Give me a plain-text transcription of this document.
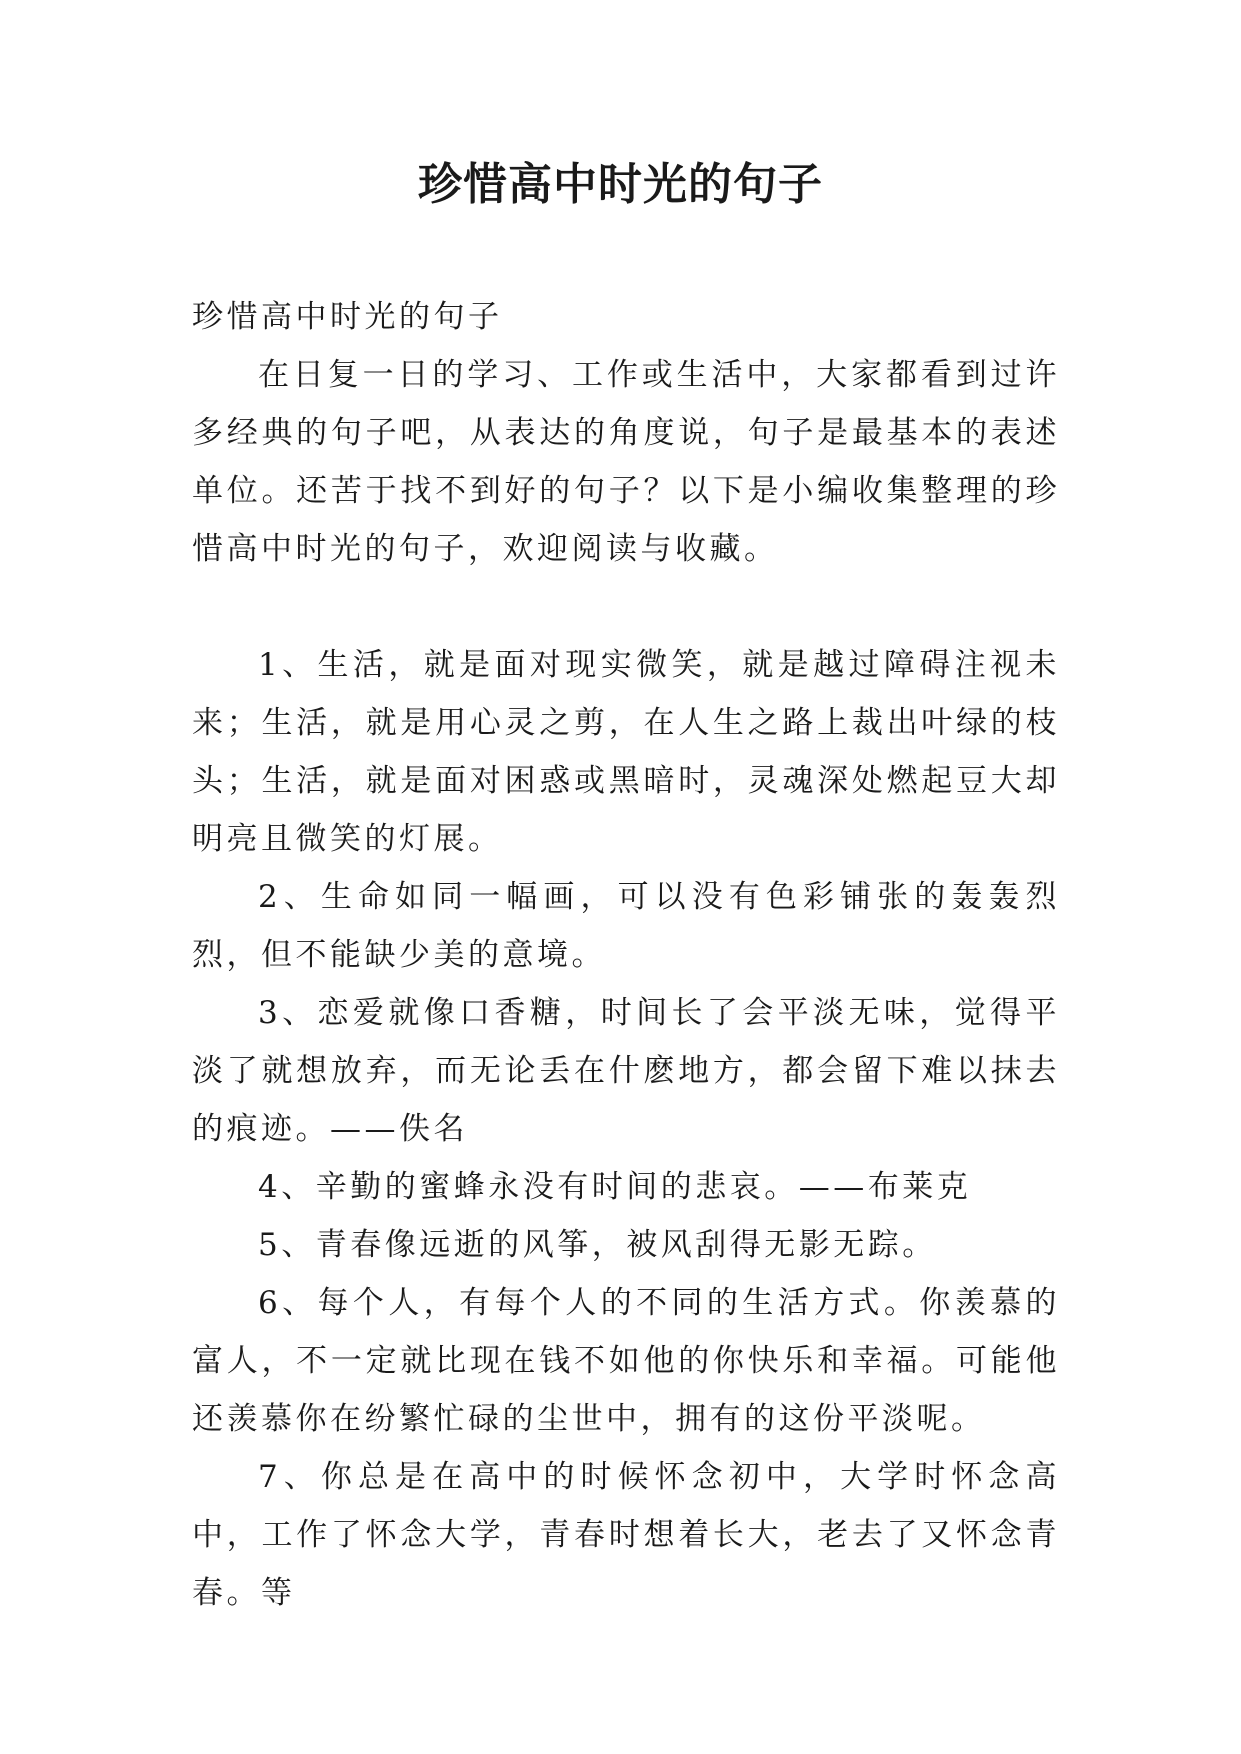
珍惜高中时光的句子

珍惜高中时光的句子

在日复一日的学习、工作或生活中，大家都看到过许多经典的句子吧，从表达的角度说，句子是最基本的表述单位。还苦于找不到好的句子？以下是小编收集整理的珍惜高中时光的句子，欢迎阅读与收藏。

1、生活，就是面对现实微笑，就是越过障碍注视未来；生活，就是用心灵之剪，在人生之路上裁出叶绿的枝头；生活，就是面对困惑或黑暗时，灵魂深处燃起豆大却明亮且微笑的灯展。

2、生命如同一幅画，可以没有色彩铺张的轰轰烈烈，但不能缺少美的意境。

3、恋爱就像口香糖，时间长了会平淡无味，觉得平淡了就想放弃，而无论丢在什麽地方，都会留下难以抹去的痕迹。——佚名

4、辛勤的蜜蜂永没有时间的悲哀。——布莱克

5、青春像远逝的风筝，被风刮得无影无踪。

6、每个人，有每个人的不同的生活方式。你羡慕的富人，不一定就比现在钱不如他的你快乐和幸福。可能他还羡慕你在纷繁忙碌的尘世中，拥有的这份平淡呢。

7、你总是在高中的时候怀念初中，大学时怀念高中，工作了怀念大学，青春时想着长大，老去了又怀念青春。等
